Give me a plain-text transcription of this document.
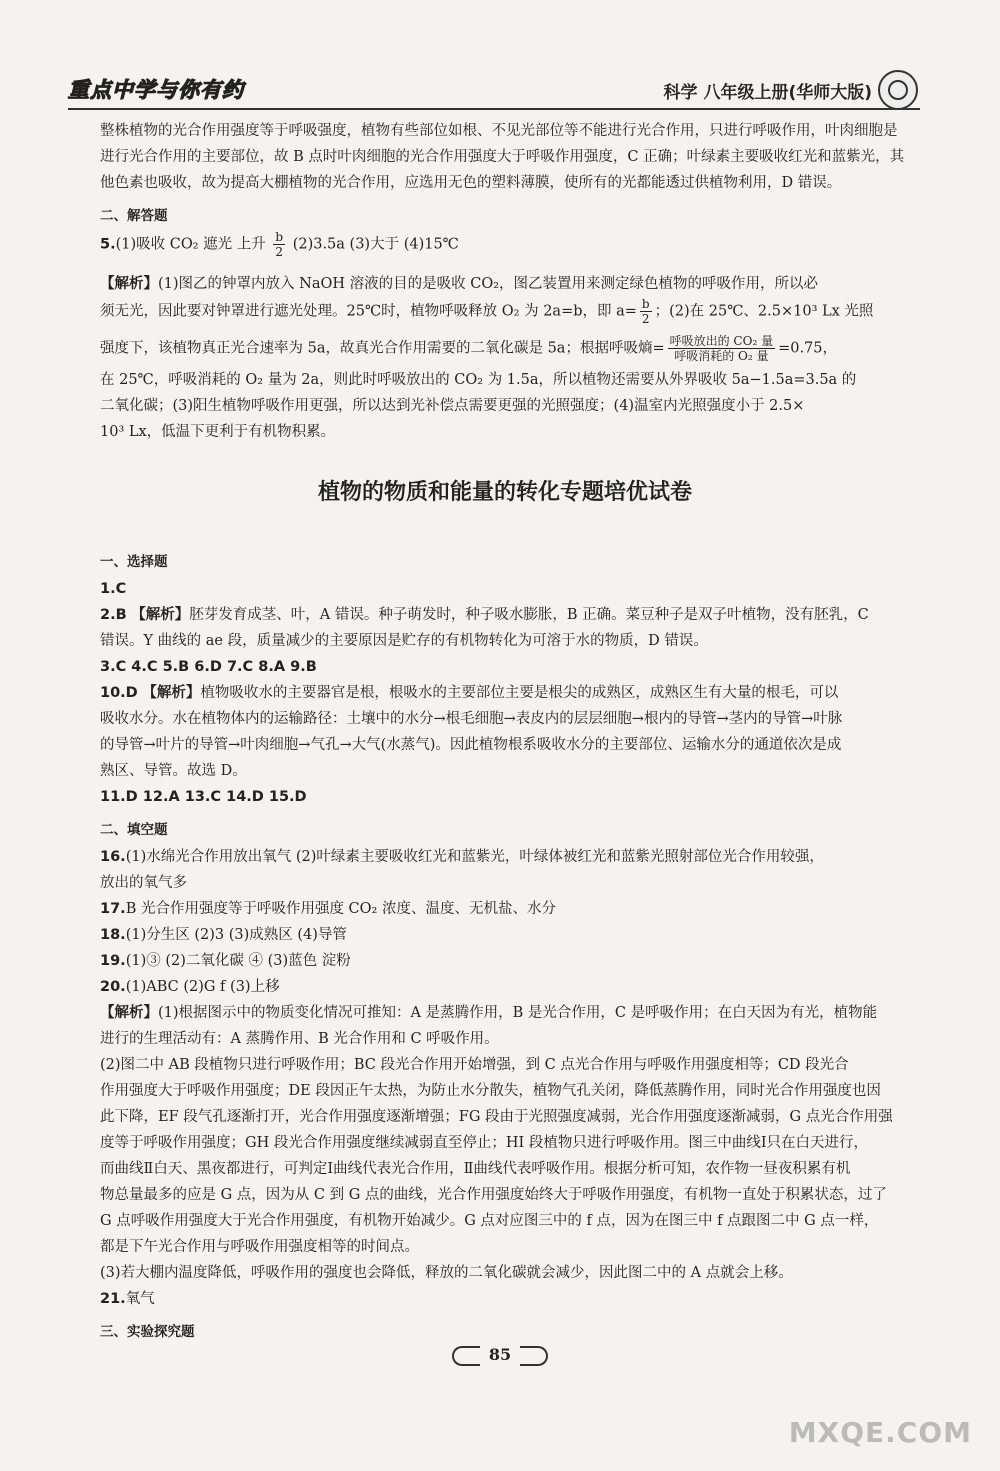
重点中学与你有约	科学 八年级上册(华师大版)

整株植物的光合作用强度等于呼吸强度，植物有些部位如根、不见光部位等不能进行光合作用，只进行呼吸作用，叶肉细胞是

进行光合作用的主要部位，故 B 点时叶肉细胞的光合作用强度大于呼吸作用强度，C 正确；叶绿素主要吸收红光和蓝紫光，其

他色素也吸收，故为提高大棚植物的光合作用，应选用无色的塑料薄膜，使所有的光都能透过供植物利用，D 错误。

二、解答题

5.(1)吸收 CO₂ 遮光 上升 $\frac{b}{2} (2)3.5a$ (3)大于 (4)15℃

【解析】(1)图乙的钟罩内放入 NaOH 溶液的目的是吸收 CO₂，图乙装置用来测定绿色植物的呼吸作用，所以必

须无光，因此要对钟罩进行遮光处理。25℃时，植物呼吸释放 O₂ 为 2a=b，即 $a= \frac{b}{2}$ ；(2)在 25℃、2.5×10³ Lx 光照

强度下，该植物真正光合速率为 5a，故真光合作用需要的二氧化碳是 5a；根据呼吸熵= $\frac{\text{呼吸放出的 CO₂ 量}}{\text{呼吸消耗的 O₂ 量}} =0.75$，

在 25℃，呼吸消耗的 O₂ 量为 2a，则此时呼吸放出的 CO₂ 为 1.5a，所以植物还需要从外界吸收 5a−1.5a=3.5a 的

二氧化碳；(3)阳生植物呼吸作用更强，所以达到光补偿点需要更强的光照强度；(4)温室内光照强度小于 2.5×

10³ Lx，低温下更利于有机物积累。

植物的物质和能量的转化专题培优试卷
一、选择题

1.C

2.B 【解析】胚芽发育成茎、叶，A 错误。种子萌发时，种子吸水膨胀，B 正确。菜豆种子是双子叶植物，没有胚乳，C

错误。Y 曲线的 ae 段，质量减少的主要原因是贮存的有机物转化为可溶于水的物质，D 错误。

3.C 4.C 5.B 6.D 7.C 8.A 9.B

10.D 【解析】植物吸收水的主要器官是根，根吸水的主要部位主要是根尖的成熟区，成熟区生有大量的根毛，可以

吸收水分。水在植物体内的运输路径：土壤中的水分→根毛细胞→表皮内的层层细胞→根内的导管→茎内的导管→叶脉

的导管→叶片的导管→叶肉细胞→气孔→大气(水蒸气)。因此植物根系吸收水分的主要部位、运输水分的通道依次是成

熟区、导管。故选 D。

11.D 12.A 13.C 14.D 15.D

二、填空题

16.(1)水绵光合作用放出氧气 (2)叶绿素主要吸收红光和蓝紫光，叶绿体被红光和蓝紫光照射部位光合作用较强，

放出的氧气多

17.B 光合作用强度等于呼吸作用强度 CO₂ 浓度、温度、无机盐、水分

18.(1)分生区 (2)3 (3)成熟区 (4)导管

19.(1)③ (2)二氧化碳 ④ (3)蓝色 淀粉

20.(1)ABC (2)G f (3)上移

【解析】(1)根据图示中的物质变化情况可推知：A 是蒸腾作用，B 是光合作用，C 是呼吸作用；在白天因为有光，植物能

进行的生理活动有：A 蒸腾作用、B 光合作用和 C 呼吸作用。

(2)图二中 AB 段植物只进行呼吸作用；BC 段光合作用开始增强，到 C 点光合作用与呼吸作用强度相等；CD 段光合

作用强度大于呼吸作用强度；DE 段因正午太热，为防止水分散失，植物气孔关闭，降低蒸腾作用，同时光合作用强度也因

此下降，EF 段气孔逐渐打开，光合作用强度逐渐增强；FG 段由于光照强度减弱，光合作用强度逐渐减弱，G 点光合作用强

度等于呼吸作用强度；GH 段光合作用强度继续减弱直至停止；HI 段植物只进行呼吸作用。图三中曲线Ⅰ只在白天进行，

而曲线Ⅱ白天、黑夜都进行，可判定Ⅰ曲线代表光合作用，Ⅱ曲线代表呼吸作用。根据分析可知，农作物一昼夜积累有机

物总量最多的应是 G 点，因为从 C 到 G 点的曲线，光合作用强度始终大于呼吸作用强度，有机物一直处于积累状态，过了

G 点呼吸作用强度大于光合作用强度，有机物开始减少。G 点对应图三中的 f 点，因为在图三中 f 点跟图二中 G 点一样，

都是下午光合作用与呼吸作用强度相等的时间点。

(3)若大棚内温度降低，呼吸作用的强度也会降低，释放的二氧化碳就会减少，因此图二中的 A 点就会上移。

21.氧气

三、实验探究题
85
MXQE.COM
